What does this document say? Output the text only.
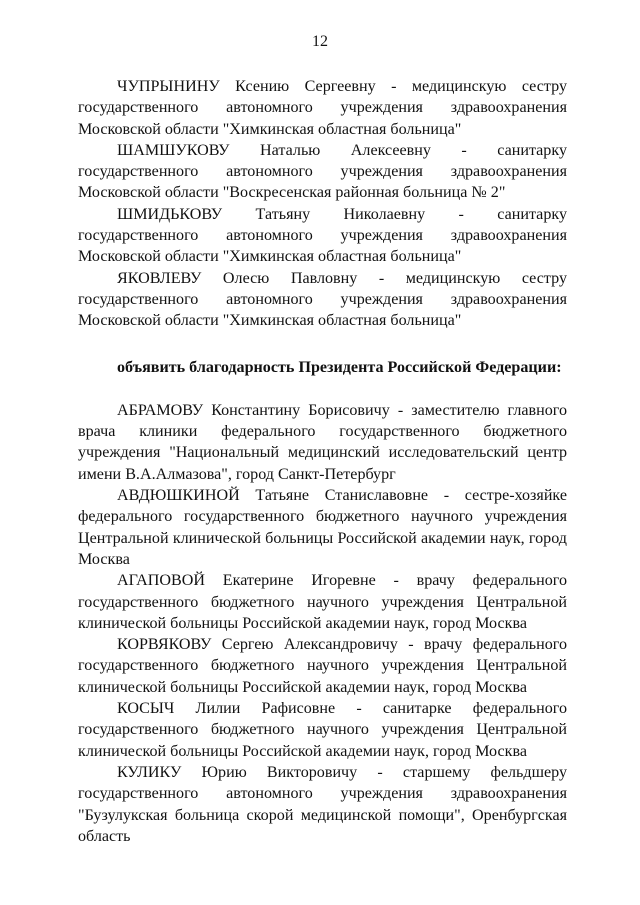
12

ЧУПРЫНИНУ Ксению Сергеевну - медицинскую сестру государственного автономного учреждения здравоохранения Московской области "Химкинская областная больница"

ШАМШУКОВУ Наталью Алексеевну - санитарку государственного автономного учреждения здравоохранения Московской области "Воскресенская районная больница № 2"

ШМИДЬКОВУ Татьяну Николаевну - санитарку государственного автономного учреждения здравоохранения Московской области "Химкинская областная больница"

ЯКОВЛЕВУ Олесю Павловну - медицинскую сестру государственного автономного учреждения здравоохранения Московской области "Химкинская областная больница"

объявить благодарность Президента Российской Федерации:

АБРАМОВУ Константину Борисовичу - заместителю главного врача клиники федерального государственного бюджетного учреждения "Национальный медицинский исследовательский центр имени В.А.Алмазова", город Санкт-Петербург

АВДЮШКИНОЙ Татьяне Станиславовне - сестре-хозяйке федерального государственного бюджетного научного учреждения Центральной клинической больницы Российской академии наук, город Москва

АГАПОВОЙ Екатерине Игоревне - врачу федерального государственного бюджетного научного учреждения Центральной клинической больницы Российской академии наук, город Москва

КОРВЯКОВУ Сергею Александровичу - врачу федерального государственного бюджетного научного учреждения Центральной клинической больницы Российской академии наук, город Москва

КОСЫЧ Лилии Рафисовне - санитарке федерального государственного бюджетного научного учреждения Центральной клинической больницы Российской академии наук, город Москва

КУЛИКУ Юрию Викторовичу - старшему фельдшеру государственного автономного учреждения здравоохранения "Бузулукская больница скорой медицинской помощи", Оренбургская область
